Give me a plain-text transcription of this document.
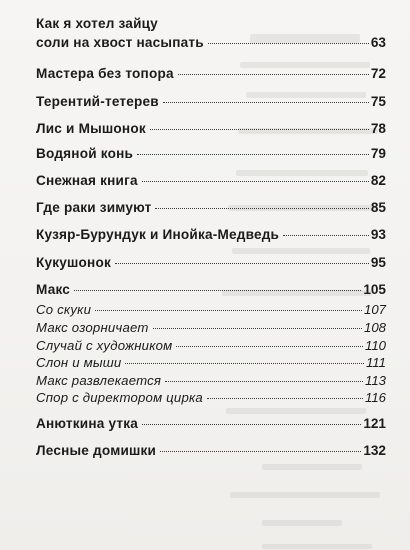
Как я хотел зайцу
соли на хвост насыпать	63
Мастера без топора	72
Терентий-тетерев	75
Лис и Мышонок	78
Водяной конь	79
Снежная книга	82
Где раки зимуют	85
Кузяр-Бурундук и Инойка-Медведь	93
Кукушонок	95
Макс	105
Со скуки	107
Макс озорничает	108
Случай с художником	110
Слон и мыши	111
Макс развлекается	113
Спор с директором цирка	116
Анюткина утка	121
Лесные домишки	132
